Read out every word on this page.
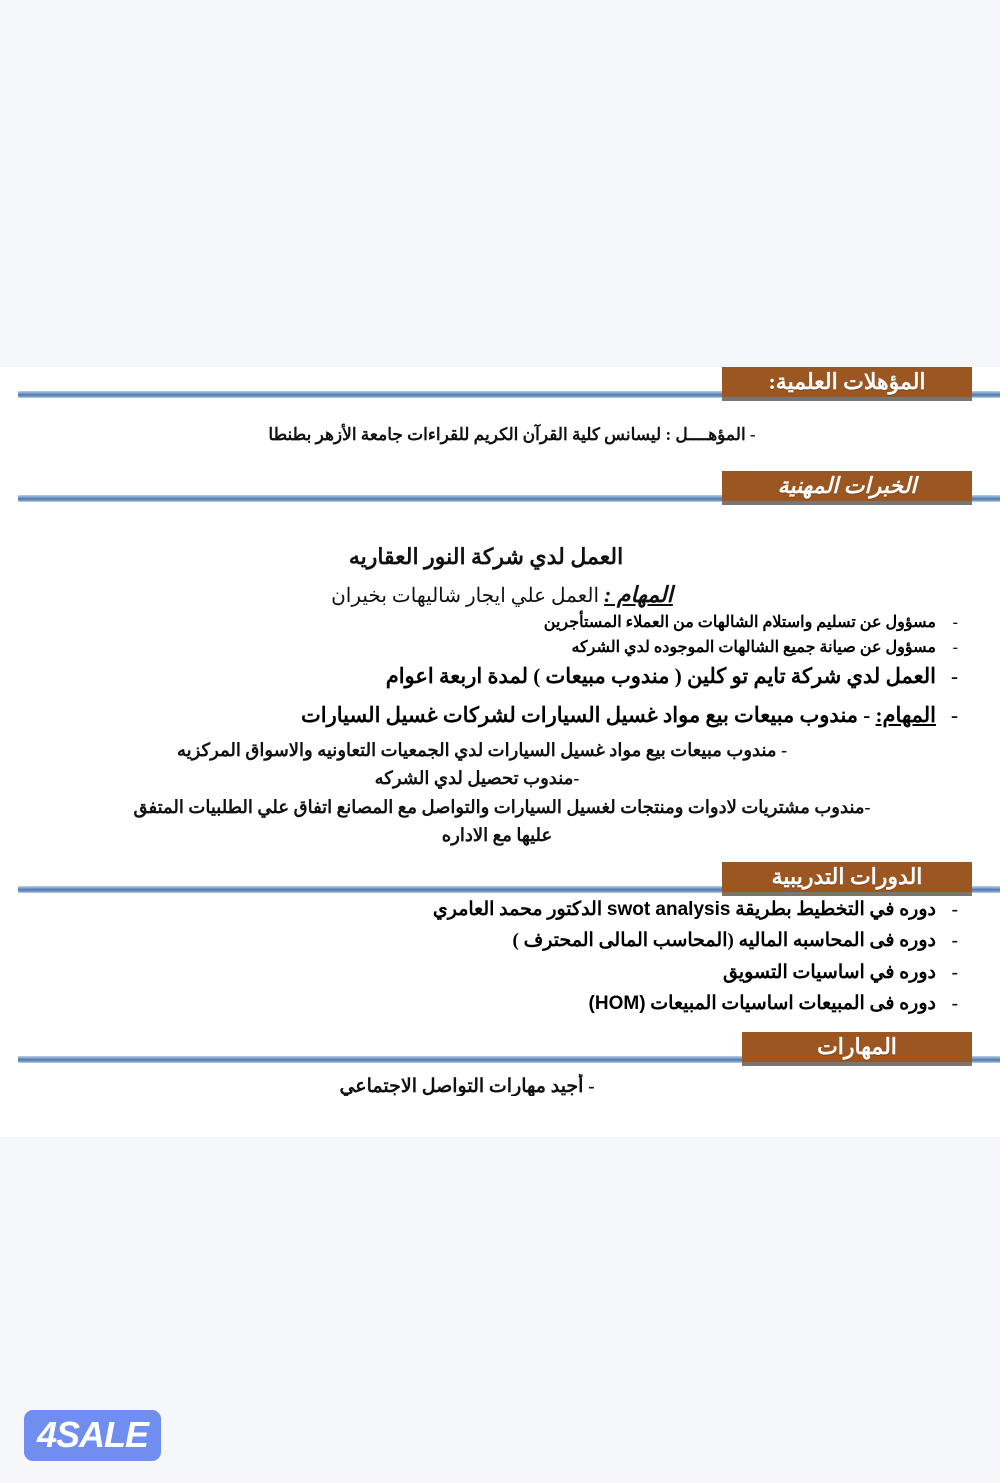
المؤهلات العلمية:
- المؤهــــل : ليسانس كلية القرآن الكريم للقراءات جامعة الأزهر بطنطا
الخبرات المهنية
العمل لدي شركة النور العقاريه
المهام : العمل علي ايجار شاليهات بخيران
- مسؤول عن تسليم واستلام الشالهات من العملاء المستأجرين
- مسؤول عن صيانة جميع الشالهات الموجوده لدي الشركه
- العمل لدي شركة تايم تو كلين ( مندوب مبيعات ) لمدة اربعة اعوام
- المهام: - مندوب مبيعات بيع مواد غسيل السيارات لشركات غسيل السيارات
- مندوب مبيعات بيع مواد غسيل السيارات لدي الجمعيات التعاونيه والاسواق المركزيه
-مندوب تحصيل لدي الشركه
-مندوب مشتريات لادوات ومنتجات لغسيل السيارات والتواصل مع المصانع اتفاق علي الطلبيات المتفق
عليها مع الاداره
الدورات التدريبية
- دوره في التخطيط بطريقة swot analysis الدكتور محمد العامري
- دوره فى المحاسبه الماليه (المحاسب المالى المحترف )
- دوره في اساسيات التسويق
- دوره فى المبيعات اساسيات المبيعات (HOM)
المهارات
- أجيد مهارات التواصل الاجتماعي
4SALE
